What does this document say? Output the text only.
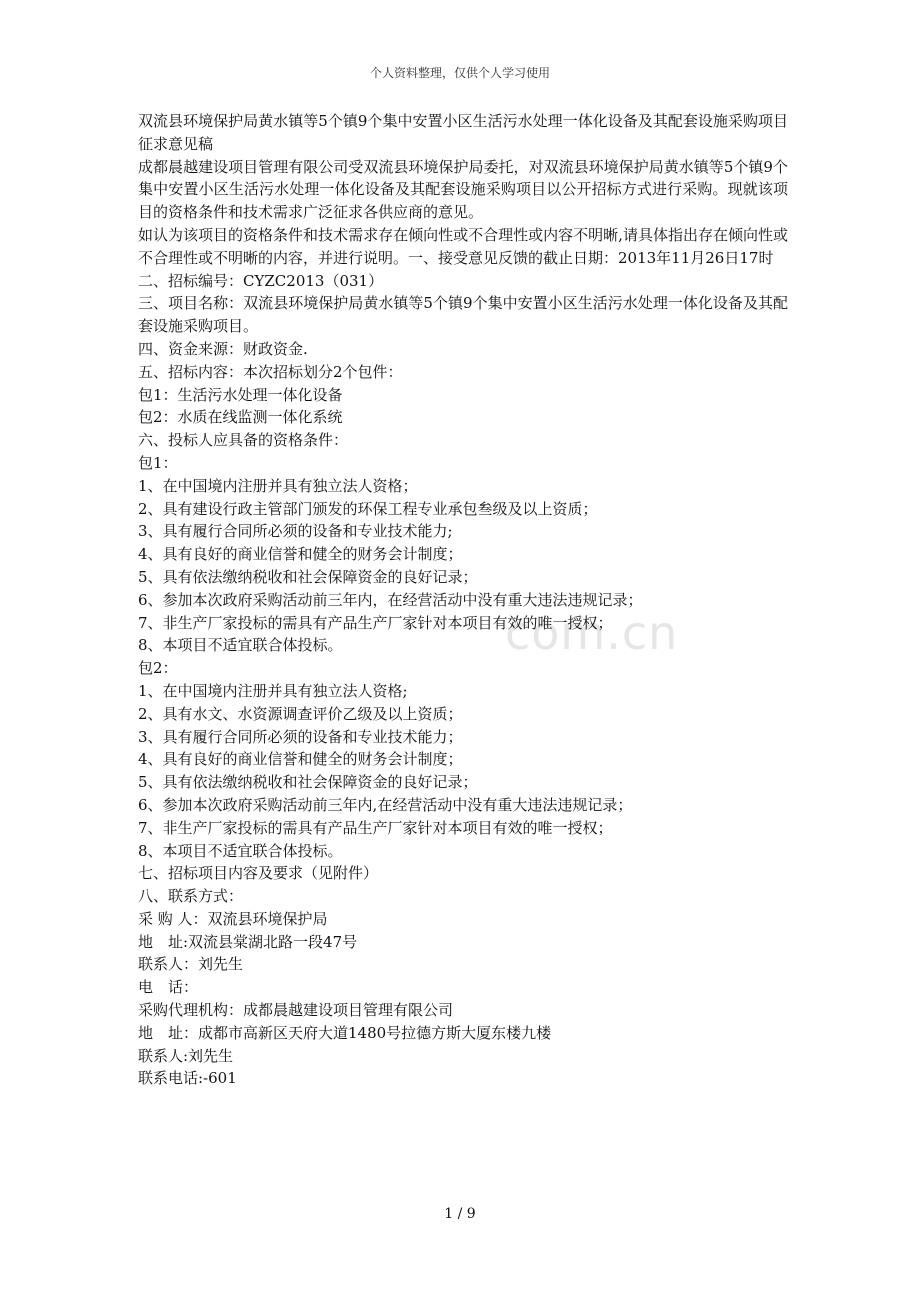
个人资料整理，仅供个人学习使用
com.cn
双流县环境保护局黄水镇等5个镇9个集中安置小区生活污水处理一体化设备及其配套设施采购项目征求意见稿
成都晨越建设项目管理有限公司受双流县环境保护局委托，对双流县环境保护局黄水镇等5个镇9个集中安置小区生活污水处理一体化设备及其配套设施采购项目以公开招标方式进行采购。现就该项目的资格条件和技术需求广泛征求各供应商的意见。
如认为该项目的资格条件和技术需求存在倾向性或不合理性或内容不明晰,请具体指出存在倾向性或不合理性或不明晰的内容，并进行说明。一、接受意见反馈的截止日期：2013年11月26日17时
二、招标编号：CYZC2013（031）
三、项目名称：双流县环境保护局黄水镇等5个镇9个集中安置小区生活污水处理一体化设备及其配套设施采购项目。
四、资金来源：财政资金.
五、招标内容：本次招标划分2个包件：
包1：生活污水处理一体化设备
包2：水质在线监测一体化系统
六、投标人应具备的资格条件：
包1：
1、在中国境内注册并具有独立法人资格；
2、具有建设行政主管部门颁发的环保工程专业承包叁级及以上资质；
3、具有履行合同所必须的设备和专业技术能力;
4、具有良好的商业信誉和健全的财务会计制度；
5、具有依法缴纳税收和社会保障资金的良好记录；
6、参加本次政府采购活动前三年内，在经营活动中没有重大违法违规记录；
7、非生产厂家投标的需具有产品生产厂家针对本项目有效的唯一授权；
8、本项目不适宜联合体投标。
包2：
1、在中国境内注册并具有独立法人资格;
2、具有水文、水资源调查评价乙级及以上资质；
3、具有履行合同所必须的设备和专业技术能力；
4、具有良好的商业信誉和健全的财务会计制度；
5、具有依法缴纳税收和社会保障资金的良好记录；
6、参加本次政府采购活动前三年内,在经营活动中没有重大违法违规记录；
7、非生产厂家投标的需具有产品生产厂家针对本项目有效的唯一授权；
8、本项目不适宜联合体投标。
七、招标项目内容及要求（见附件）
八、联系方式：
采 购 人：双流县环境保护局
地　址:双流县棠湖北路一段47号
联系人：刘先生
电　话：
采购代理机构：成都晨越建设项目管理有限公司
地　址：成都市高新区天府大道1480号拉德方斯大厦东楼九楼
联系人:刘先生
联系电话:-601
1 / 9
